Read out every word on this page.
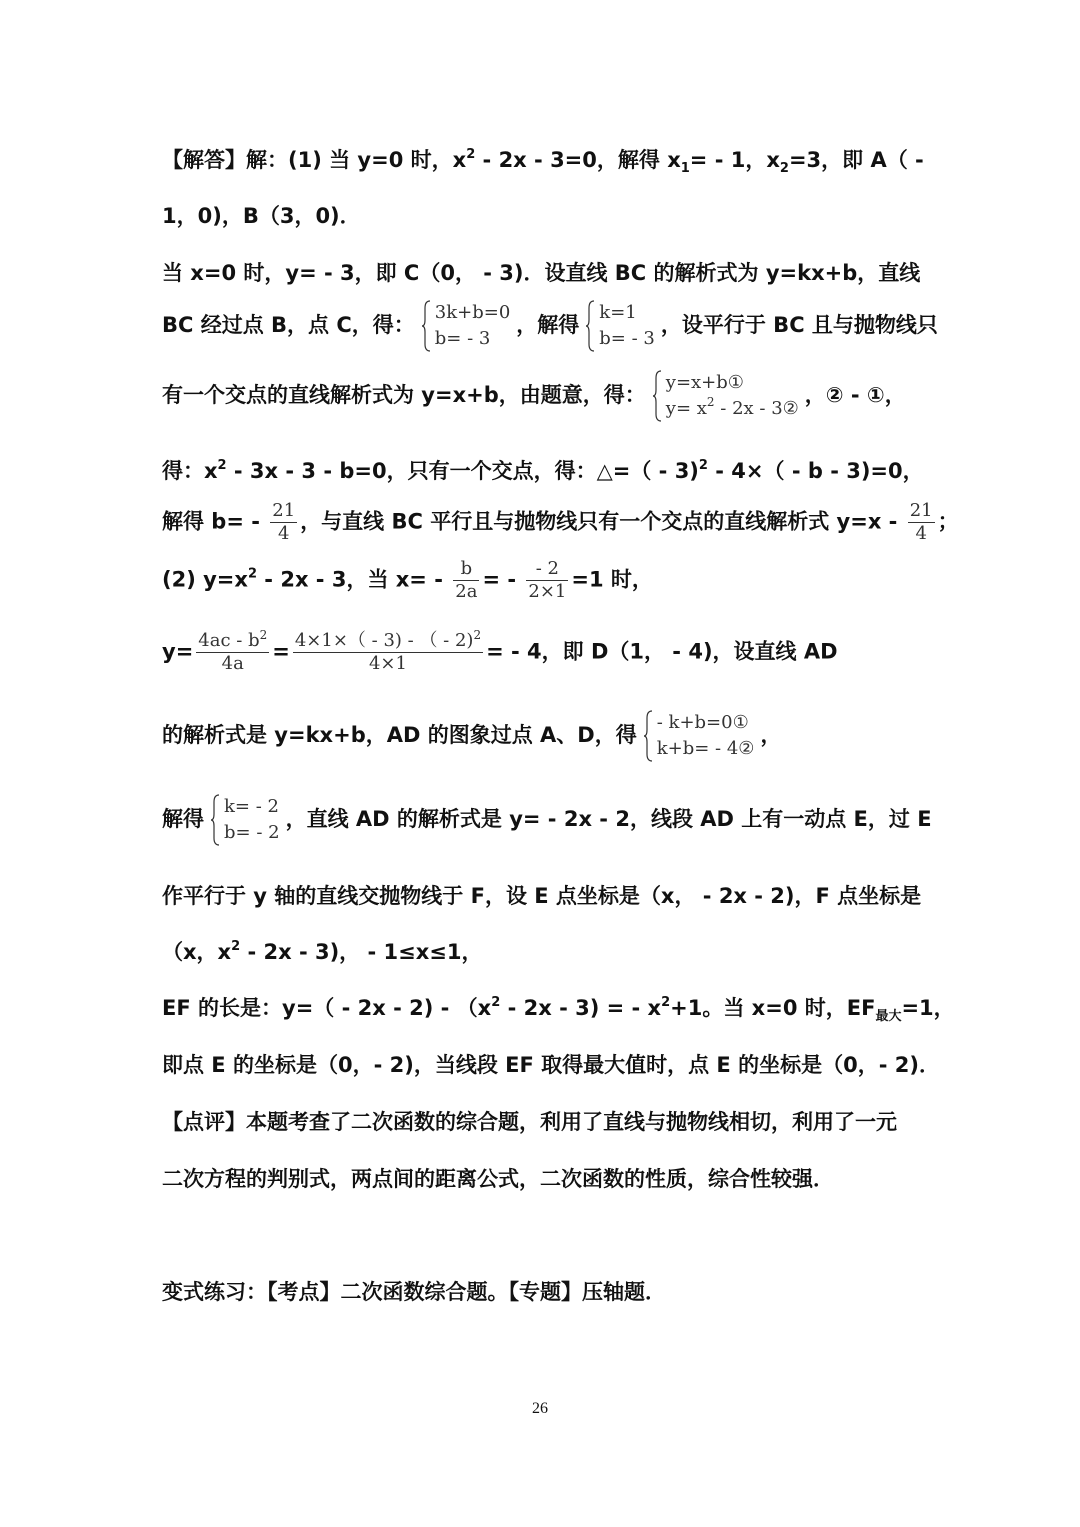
【解答】解：(1) 当 y=0 时，$x^2 - 2x - 3=0$，解得 $x_1= - 1$，$x_2=3$，即 A（ -
1，0)，B（3，0)．
当 x=0 时，y= - 3，即 C（0， - 3)．设直线 BC 的解析式为 y=kx+b，直线
BC 经过点 B，点 C，得：
3k+b=0
b= - 3
，解得
k=1
b= - 3
，设平行于 BC 且与抛物线只
有一个交点的直线解析式为 y=x+b，由题意，得：
y=x+b①
$y= x^2 - 2x$ - 3②
，② - ①，
得：$x^2 - 3x - 3 - b=0$，只有一个交点，得：△=（ - 3)$^2$ - 4×（ - b - 3)=0，
解得 $b= - \frac{21}{4}$ ，与直线 BC 平行且与抛物线只有一个交点的直线解析式 $y=x - \frac{21}{4}$ ；
(2) $y=x^2 - 2x - 3$，当 $x= - \frac{b}{2a}$ = - $\frac{- 2}{2\times 1} =1$ 时，
$y= \frac{4ac - b^2}{4a} = \frac{4\times 1\times( - 3) - ( - 2)^2}{4\times 1}$ = - 4，即 D（1， - 4)，设直线 AD
的解析式是 y=kx+b，AD 的图象过点 A、D，得
- k+b=0①
k+b= - 4②
，
解得
k= - 2
b= - 2
，直线 AD 的解析式是 y= - 2x - 2，线段 AD 上有一动点 E，过 E
作平行于 y 轴的直线交抛物线于 F，设 E 点坐标是（x， - 2x - 2)，F 点坐标是
（x，$x^2 - 2x - 3$)， - 1≤x≤1，
EF 的长是：$y=( - 2x - 2) - (x^2 - 2x - 3)$ = - $x^2+1$。当 x=0 时，$EF_{最大}=1$，
即点 E 的坐标是（0，- 2)，当线段 EF 取得最大值时，点 E 的坐标是（0，- 2)．
【点评】本题考查了二次函数的综合题，利用了直线与抛物线相切，利用了一元
二次方程的判别式，两点间的距离公式，二次函数的性质，综合性较强．
变式练习：【考点】二次函数综合题。【专题】压轴题．
26
